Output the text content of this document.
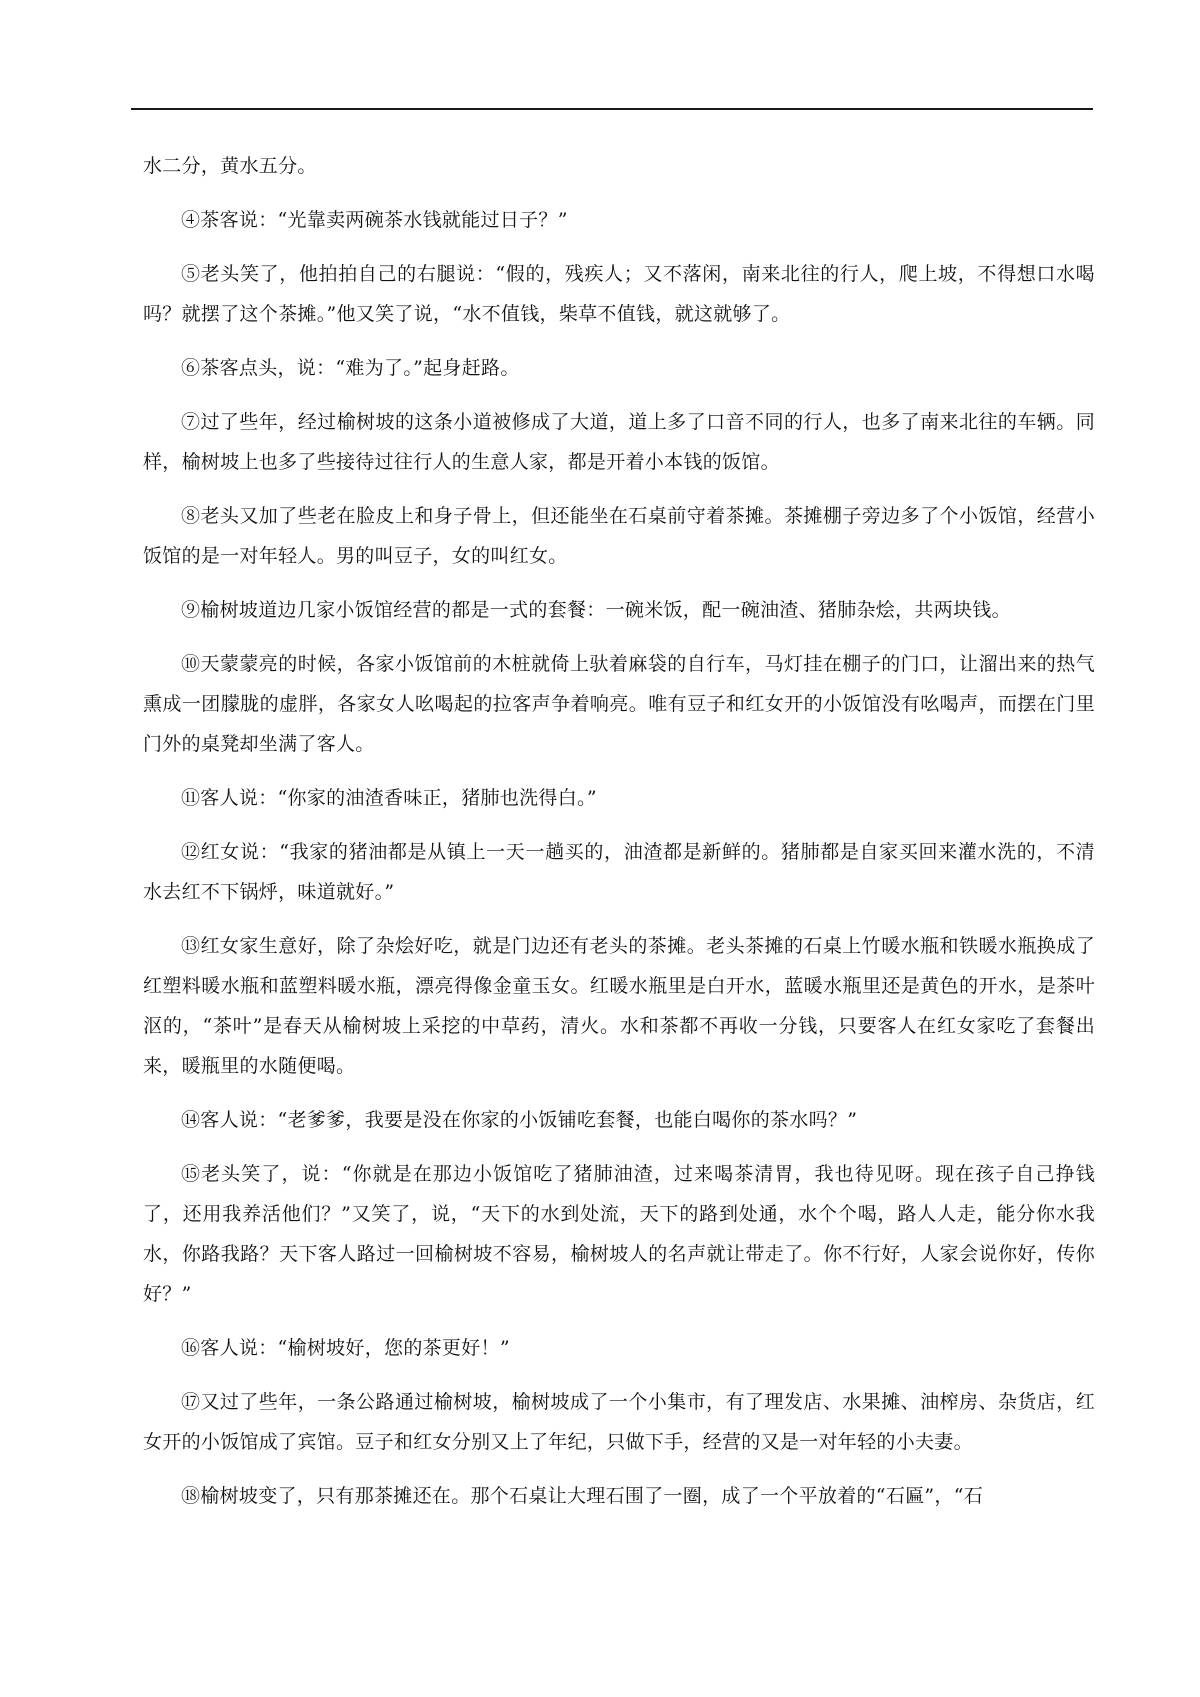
水二分，黄水五分。

④茶客说：“光靠卖两碗茶水钱就能过日子？”

⑤老头笑了，他拍拍自己的右腿说：“假的，残疾人；又不落闲，南来北往的行人，爬上坡，不得想口水喝吗？就摆了这个茶摊。”他又笑了说，“水不值钱，柴草不值钱，就这就够了。

⑥茶客点头，说：“难为了。”起身赶路。

⑦过了些年，经过榆树坡的这条小道被修成了大道，道上多了口音不同的行人，也多了南来北往的车辆。同样，榆树坡上也多了些接待过往行人的生意人家，都是开着小本钱的饭馆。

⑧老头又加了些老在脸皮上和身子骨上，但还能坐在石桌前守着茶摊。茶摊棚子旁边多了个小饭馆，经营小饭馆的是一对年轻人。男的叫豆子，女的叫红女。

⑨榆树坡道边几家小饭馆经营的都是一式的套餐：一碗米饭，配一碗油渣、猪肺杂烩，共两块钱。

⑩天蒙蒙亮的时候，各家小饭馆前的木桩就倚上驮着麻袋的自行车，马灯挂在棚子的门口，让溜出来的热气熏成一团朦胧的虚胖，各家女人吆喝起的拉客声争着响亮。唯有豆子和红女开的小饭馆没有吆喝声，而摆在门里门外的桌凳却坐满了客人。

⑪客人说：“你家的油渣香味正，猪肺也洗得白。”

⑫红女说：“我家的猪油都是从镇上一天一趟买的，油渣都是新鲜的。猪肺都是自家买回来灌水洗的，不清水去红不下锅烀，味道就好。”

⑬红女家生意好，除了杂烩好吃，就是门边还有老头的茶摊。老头茶摊的石桌上竹暖水瓶和铁暖水瓶换成了红塑料暖水瓶和蓝塑料暖水瓶，漂亮得像金童玉女。红暖水瓶里是白开水，蓝暖水瓶里还是黄色的开水，是茶叶沤的，“茶叶”是春天从榆树坡上采挖的中草药，清火。水和茶都不再收一分钱，只要客人在红女家吃了套餐出来，暖瓶里的水随便喝。

⑭客人说：“老爹爹，我要是没在你家的小饭铺吃套餐，也能白喝你的茶水吗？”

⑮老头笑了，说：“你就是在那边小饭馆吃了猪肺油渣，过来喝茶清胃，我也待见呀。现在孩子自己挣钱了，还用我养活他们？”又笑了，说，“天下的水到处流，天下的路到处通，水个个喝，路人人走，能分你水我水，你路我路？天下客人路过一回榆树坡不容易，榆树坡人的名声就让带走了。你不行好，人家会说你好，传你好？”

⑯客人说：“榆树坡好，您的茶更好！”

⑰又过了些年，一条公路通过榆树坡，榆树坡成了一个小集市，有了理发店、水果摊、油榨房、杂货店，红女开的小饭馆成了宾馆。豆子和红女分别又上了年纪，只做下手，经营的又是一对年轻的小夫妻。

⑱榆树坡变了，只有那茶摊还在。那个石桌让大理石围了一圈，成了一个平放着的“石匾”，“石
